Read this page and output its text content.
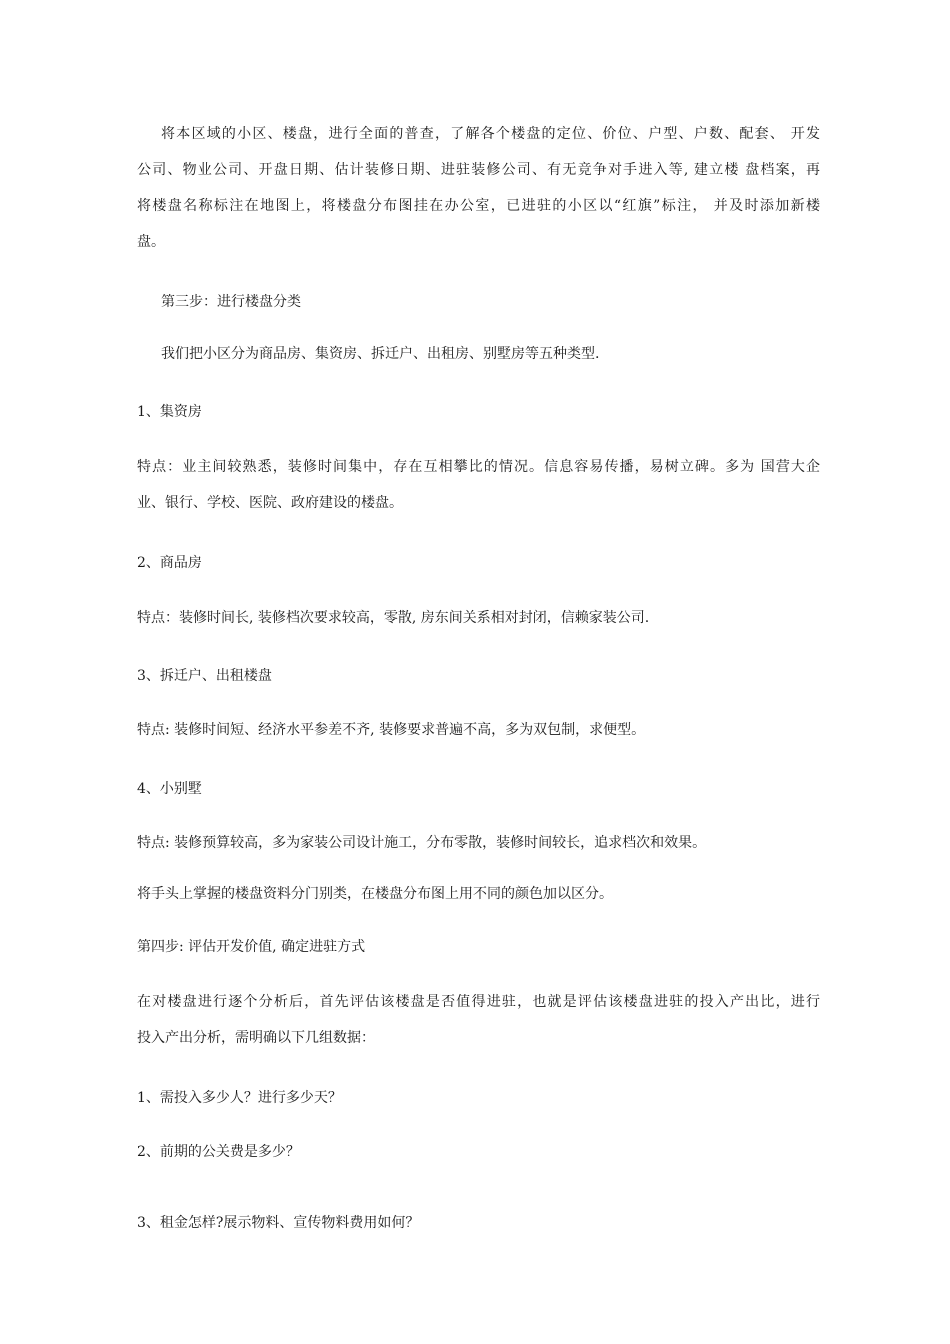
将本区域的小区、楼盘，进行全面的普查，了解各个楼盘的定位、价位、户型、户数、配套、 开发
公司、物业公司、开盘日期、估计装修日期、进驻装修公司、有无竞争对手进入等, 建立楼 盘档案，再
将楼盘名称标注在地图上，将楼盘分布图挂在办公室，已进驻的小区以“红旗”标注， 并及时添加新楼
盘。

第三步：进行楼盘分类

我们把小区分为商品房、集资房、拆迁户、出租房、别墅房等五种类型.

1、集资房

特点：业主间较熟悉，装修时间集中，存在互相攀比的情况。信息容易传播，易树立碑。多为 国营大企
业、银行、学校、医院、政府建设的楼盘。

2、商品房

特点：装修时间长, 装修档次要求较高，零散, 房东间关系相对封闭，信赖家装公司.

3、拆迁户、出租楼盘

特点: 装修时间短、经济水平参差不齐, 装修要求普遍不高，多为双包制，求便型。

4、小别墅

特点: 装修预算较高，多为家装公司设计施工，分布零散，装修时间较长，追求档次和效果。

将手头上掌握的楼盘资料分门别类，在楼盘分布图上用不同的颜色加以区分。

第四步: 评估开发价值, 确定进驻方式

在对楼盘进行逐个分析后，首先评估该楼盘是否值得进驻，也就是评估该楼盘进驻的投入产出比，进行
投入产出分析，需明确以下几组数据：

1、需投入多少人？进行多少天？

2、前期的公关费是多少？

3、租金怎样?展示物料、宣传物料费用如何？
